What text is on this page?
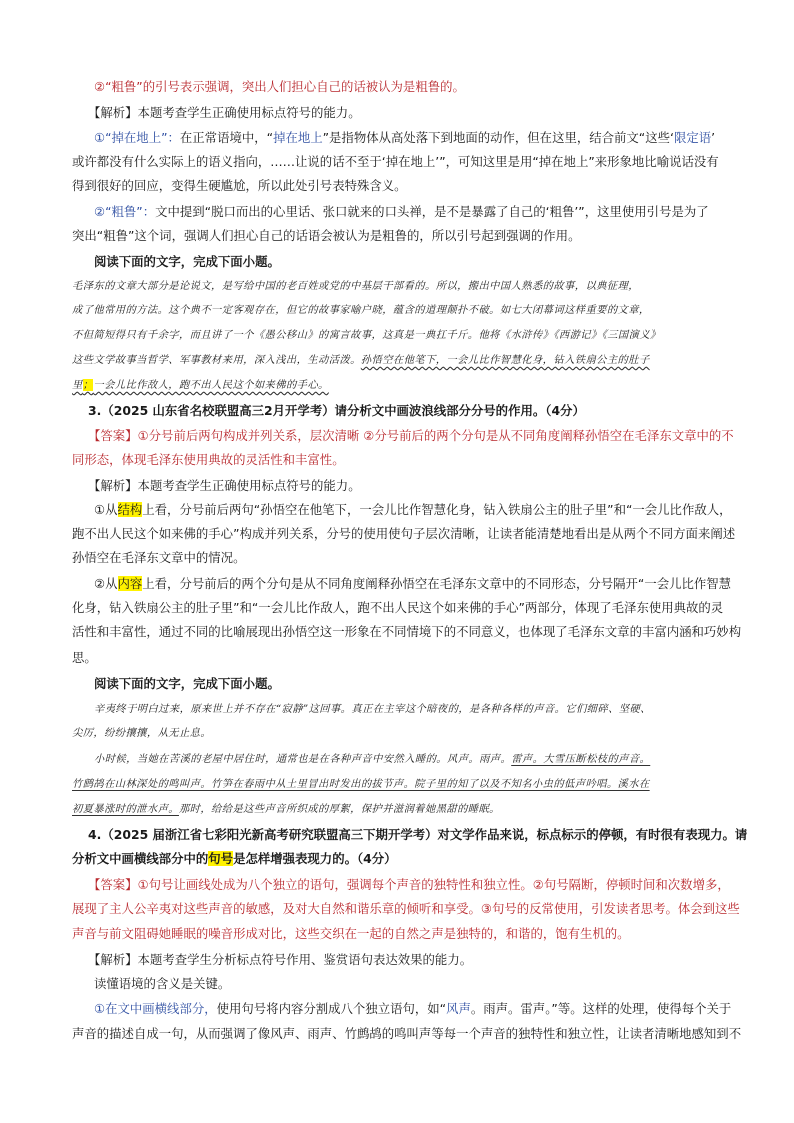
②“粗鲁”的引号表示强调，突出人们担心自己的话被认为是粗鲁的。
【解析】本题考查学生正确使用标点符号的能力。
①“掉在地上”：在正常语境中，“掉在地上”是指物体从高处落下到地面的动作，但在这里，结合前文“这些‘限定语’
或许都没有什么实际上的语义指向，……让说的话不至于‘掉在地上’”，可知这里是用“掉在地上”来形象地比喻说话没有
得到很好的回应，变得生硬尴尬，所以此处引号表特殊含义。
②“粗鲁”：文中提到“脱口而出的心里话、张口就来的口头禅，是不是暴露了自己的‘粗鲁’”，这里使用引号是为了
突出“粗鲁”这个词，强调人们担心自己的话语会被认为是粗鲁的，所以引号起到强调的作用。
阅读下面的文字，完成下面小题。
毛泽东的文章大部分是论说文，是写给中国的老百姓或党的中基层干部看的。所以，搬出中国人熟悉的故事，以典征理，
成了他常用的方法。这个典不一定客观存在，但它的故事家喻户晓，蕴含的道理颠扑不破。如七大闭幕词这样重要的文章，
不但简短得只有千余字，而且讲了一个《愚公移山》的寓言故事，这真是一典扛千斤。他将《水浒传》《西游记》《三国演义》
这些文学故事当哲学、军事教材来用，深入浅出，生动活泼。孙悟空在他笔下，一会儿比作智慧化身，钻入铁扇公主的肚子
里；一会儿比作敌人，跑不出人民这个如来佛的手心。
3.（2025 山东省名校联盟高三2月开学考）请分析文中画波浪线部分分号的作用。（4分）
【答案】①分号前后两句构成并列关系，层次清晰 ②分号前后的两个分句是从不同角度阐释孙悟空在毛泽东文章中的不
同形态，体现毛泽东使用典故的灵活性和丰富性。
【解析】本题考查学生正确使用标点符号的能力。
①从结构上看，分号前后两句“孙悟空在他笔下，一会儿比作智慧化身，钻入铁扇公主的肚子里”和“一会儿比作敌人，
跑不出人民这个如来佛的手心”构成并列关系，分号的使用使句子层次清晰，让读者能清楚地看出是从两个不同方面来阐述
孙悟空在毛泽东文章中的情况。
②从内容上看，分号前后的两个分句是从不同角度阐释孙悟空在毛泽东文章中的不同形态，分号隔开“一会儿比作智慧
化身，钻入铁扇公主的肚子里”和“一会儿比作敌人，跑不出人民这个如来佛的手心”两部分，体现了毛泽东使用典故的灵
活性和丰富性，通过不同的比喻展现出孙悟空这一形象在不同情境下的不同意义，也体现了毛泽东文章的丰富内涵和巧妙构
思。
阅读下面的文字，完成下面小题。
辛夷终于明白过来，原来世上并不存在“寂静”这回事。真正在主宰这个暗夜的，是各种各样的声音。它们细碎、坚硬、
尖厉，纷纷攘攘，从无止息。
小时候，当她在苦溪的老屋中居住时，通常也是在各种声音中安然入睡的。风声。雨声。雷声。大雪压断松枝的声音。
竹鹧鸪在山林深处的鸣叫声。竹笋在春雨中从土里冒出时发出的拔节声。院子里的知了以及不知名小虫的低声吟唱。溪水在
初夏暴涨时的泄水声。那时，给给是这些声音所织成的厚絮，保护并滋润着她黑甜的睡眠。
4.（2025 届浙江省七彩阳光新高考研究联盟高三下期开学考）对文学作品来说，标点标示的停顿，有时很有表现力。请
分析文中画横线部分中的句号是怎样增强表现力的。（4分）
【答案】①句号让画线处成为八个独立的语句，强调每个声音的独特性和独立性。②句号隔断，停顿时间和次数增多，
展现了主人公辛夷对这些声音的敏感，及对大自然和谐乐章的倾听和享受。③句号的反常使用，引发读者思考。体会到这些
声音与前文阻碍她睡眠的噪音形成对比，这些交织在一起的自然之声是独特的，和谐的，饱有生机的。
【解析】本题考查学生分析标点符号作用、鉴赏语句表达效果的能力。
读懂语境的含义是关键。
①在文中画横线部分，使用句号将内容分割成八个独立语句，如“风声。雨声。雷声。”等。这样的处理，使得每个关于
声音的描述自成一句，从而强调了像风声、雨声、竹鹧鸪的鸣叫声等每一个声音的独特性和独立性，让读者清晰地感知到不
